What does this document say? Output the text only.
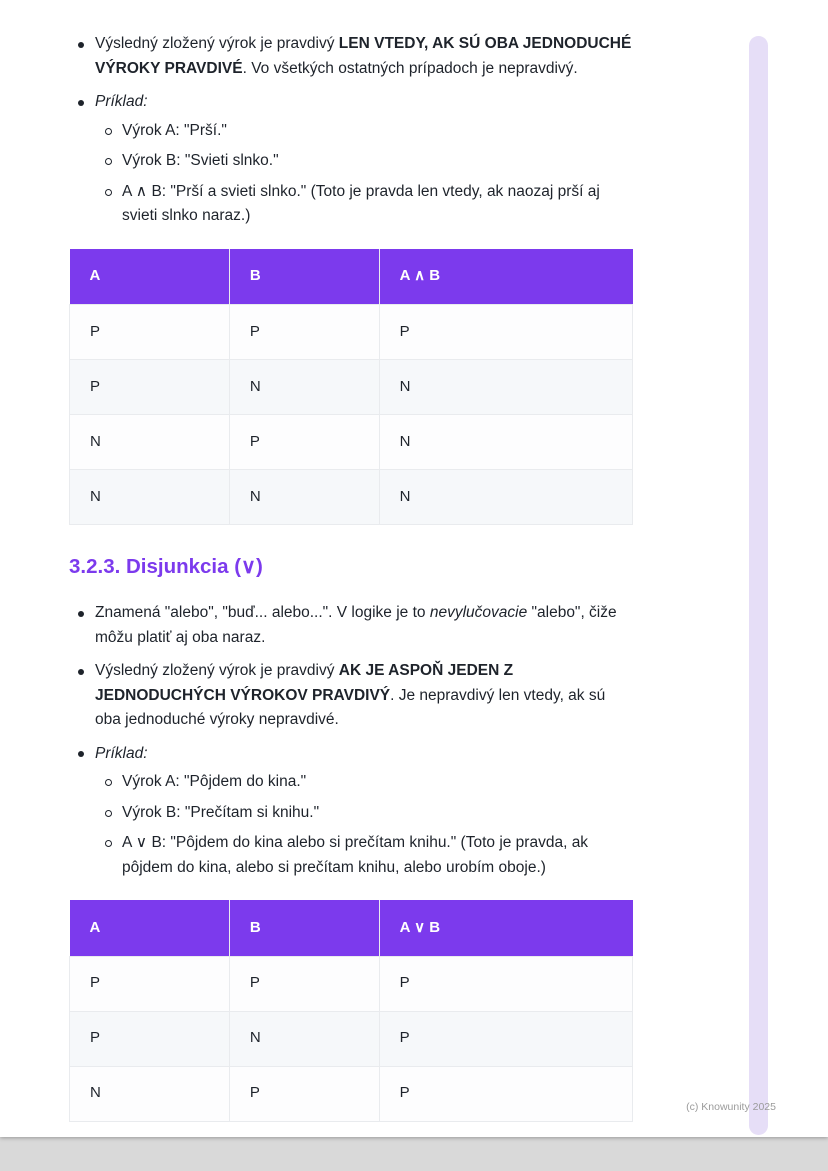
Výsledný zložený výrok je pravdivý LEN VTEDY, AK SÚ OBA JEDNODUCHÉ VÝROKY PRAVDIVÉ. Vo všetkých ostatných prípadoch je nepravdivý.
Príklad:
Výrok A: "Prší."
Výrok B: "Svieti slnko."
A ∧ B: "Prší a svieti slnko." (Toto je pravda len vtedy, ak naozaj prší aj svieti slnko naraz.)
A	B	A ∧ B
P	P	P
P	N	N
N	P	N
N	N	N
3.2.3. Disjunkcia (∨)
Znamená "alebo", "buď... alebo...". V logike je to nevylučovacie "alebo", čiže môžu platiť aj oba naraz.
Výsledný zložený výrok je pravdivý AK JE ASPOŇ JEDEN Z JEDNODUCHÝCH VÝROKOV PRAVDIVÝ. Je nepravdivý len vtedy, ak sú oba jednoduché výroky nepravdivé.
Príklad:
Výrok A: "Pôjdem do kina."
Výrok B: "Prečítam si knihu."
A ∨ B: "Pôjdem do kina alebo si prečítam knihu." (Toto je pravda, ak pôjdem do kina, alebo si prečítam knihu, alebo urobím oboje.)
A	B	A ∨ B
P	P	P
P	N	P
N	P	P
(c) Knowunity 2025
